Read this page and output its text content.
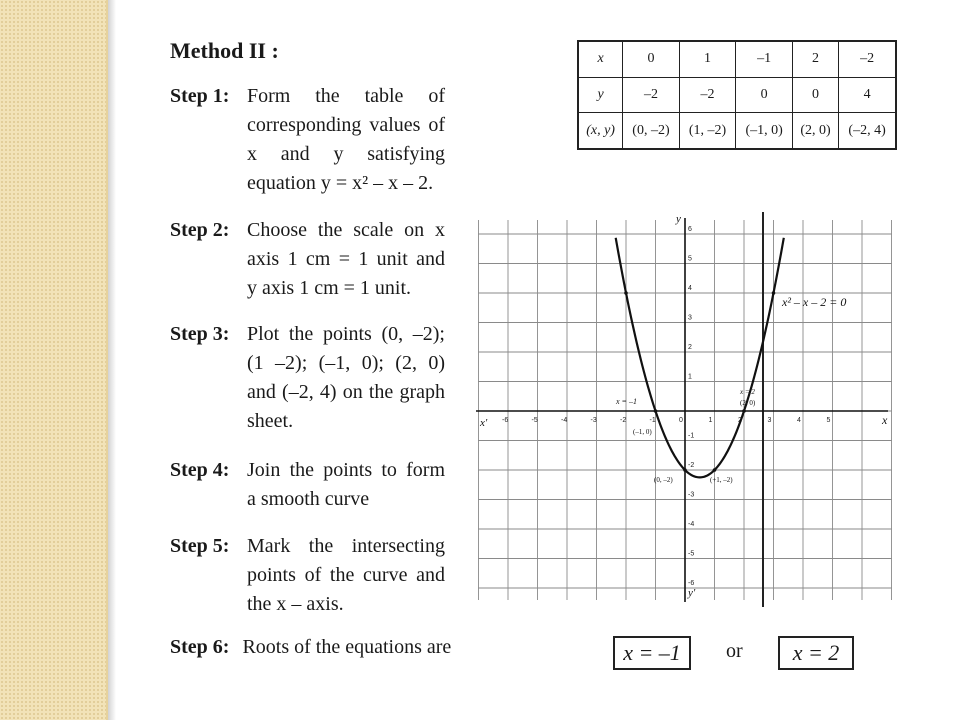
Method II :
Step 1: Form the table of
corresponding values of
x and y satisfying
equation y = x² – x – 2.
Step 2: Choose the scale on x
axis 1 cm = 1 unit and
y axis 1 cm = 1 unit.
Step 3: Plot the points (0, –2);
(1 –2); (–1, 0); (2, 0)
and (–2, 4) on the graph
sheet.
Step 4: Join the points to form
a smooth curve
Step 5: Mark the intersecting
points of the curve and
the x – axis.
x	0	1	–1	2	–2
y	–2	–2	0	0	4
(x, y)	(0, –2)	(1, –2)	(–1, 0)	(2, 0)	(–2, 4)
-6	-5	-4	-3	-2	-1	0	1	2	3	4	5
6
5
4
3
2
1
-1
-2
-3
-4
-5
-6
x² – x – 2 = 0
x
x'
y
y'
x = –1
x = 2
(–1, 0)
(2, 0)
(0, –2)	(+1, –2)
Step 6: Roots of the equations are	x = –1	or	x = 2
